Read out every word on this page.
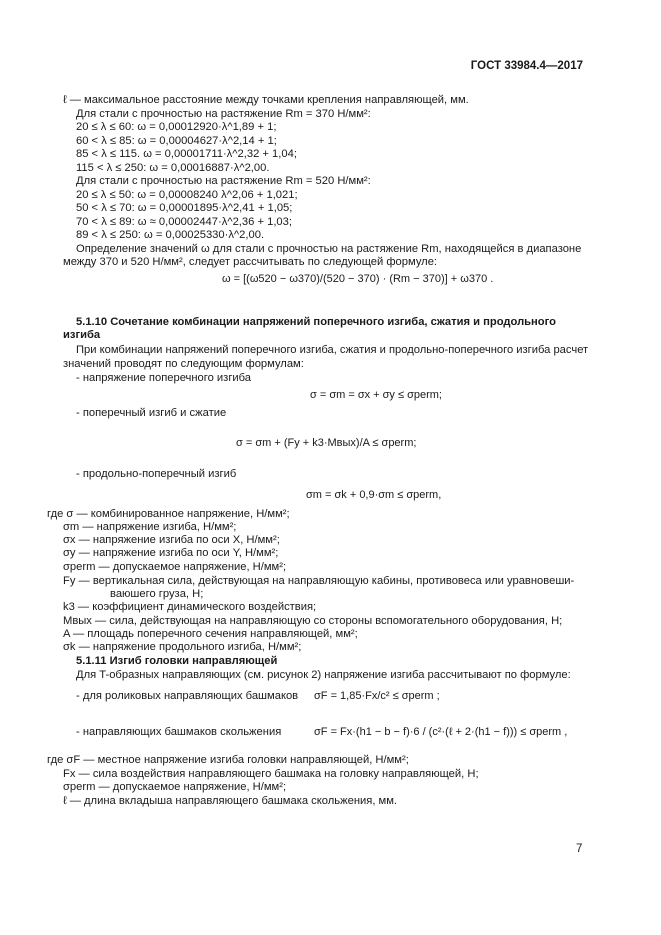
ГОСТ 33984.4—2017
ℓ — максимальное расстояние между точками крепления направляющей, мм.
Для стали с прочностью на растяжение Rm = 370 Н/мм²:
20 ≤ λ ≤ 60: ω = 0,00012920·λ^1,89 + 1;
60 < λ ≤ 85: ω = 0,00004627·λ^2,14 + 1;
85 < λ ≤ 115. ω = 0,00001711·λ^2,32 + 1,04;
115 < λ ≤ 250: ω = 0,00016887·λ^2,00.
Для стали с прочностью на растяжение Rm = 520 Н/мм²:
20 ≤ λ ≤ 50: ω = 0,00008240 λ^2,06 + 1,021;
50 < λ ≤ 70: ω = 0,00001895·λ^2,41 + 1,05;
70 < λ ≤ 89: ω ≈ 0,00002447·λ^2,36 + 1,03;
89 < λ ≤ 250: ω = 0,00025330·λ^2,00.
Определение значений ω для стали с прочностью на растяжение Rm, находящейся в диапазоне
между 370 и 520 Н/мм², следует рассчитывать по следующей формуле:
ω = [(ω520 − ω370)/(520 − 370) · (Rm − 370)] + ω370 .
5.1.10 Сочетание комбинации напряжений поперечного изгиба, сжатия и продольного
изгиба
При комбинации напряжений поперечного изгиба, сжатия и продольно-поперечного изгиба расчет
значений проводят по следующим формулам:
- напряжение поперечного изгиба
σ = σm = σx + σy ≤ σperm;
- поперечный изгиб и сжатие
σ = σm + (Fy + k3·Mвых)/A ≤ σperm;
- продольно-поперечный изгиб
σm = σk + 0,9·σm ≤ σperm,
где σ — комбинированное напряжение, Н/мм²;
σm — напряжение изгиба, Н/мм²;
σx — напряжение изгиба по оси X, Н/мм²;
σy — напряжение изгиба по оси Y, Н/мм²;
σperm — допускаемое напряжение, Н/мм²;
Fy — вертикальная сила, действующая на направляющую кабины, противовеса или уравновеши-
ваюшего груза, Н;
k3 — коэффициент динамического воздействия;
Mвых — сила, действующая на направляющую со стороны вспомогательного оборудования, Н;
A — площадь поперечного сечения направляющей, мм²;
σk — напряжение продольного изгиба, Н/мм²;
5.1.11 Изгиб головки направляющей
Для T-образных направляющих (см. рисунок 2) напряжение изгиба рассчитывают по формуле:
- для роликовых направляющих башмаков σF = 1,85·Fx/c² ≤ σperm ;
- направляющих башмаков скольжения	σF = Fx·(h1 − b − f)·6 / (c²·(ℓ + 2·(h1 − f))) ≤ σperm ,
где σF — местное напряжение изгиба головки направляющей, Н/мм²;
Fx — сила воздействия направляющего башмака на головку направляющей, Н;
σperm — допускаемое напряжение, Н/мм²;
ℓ — длина вкладыша направляющего башмака скольжения, мм.
7
